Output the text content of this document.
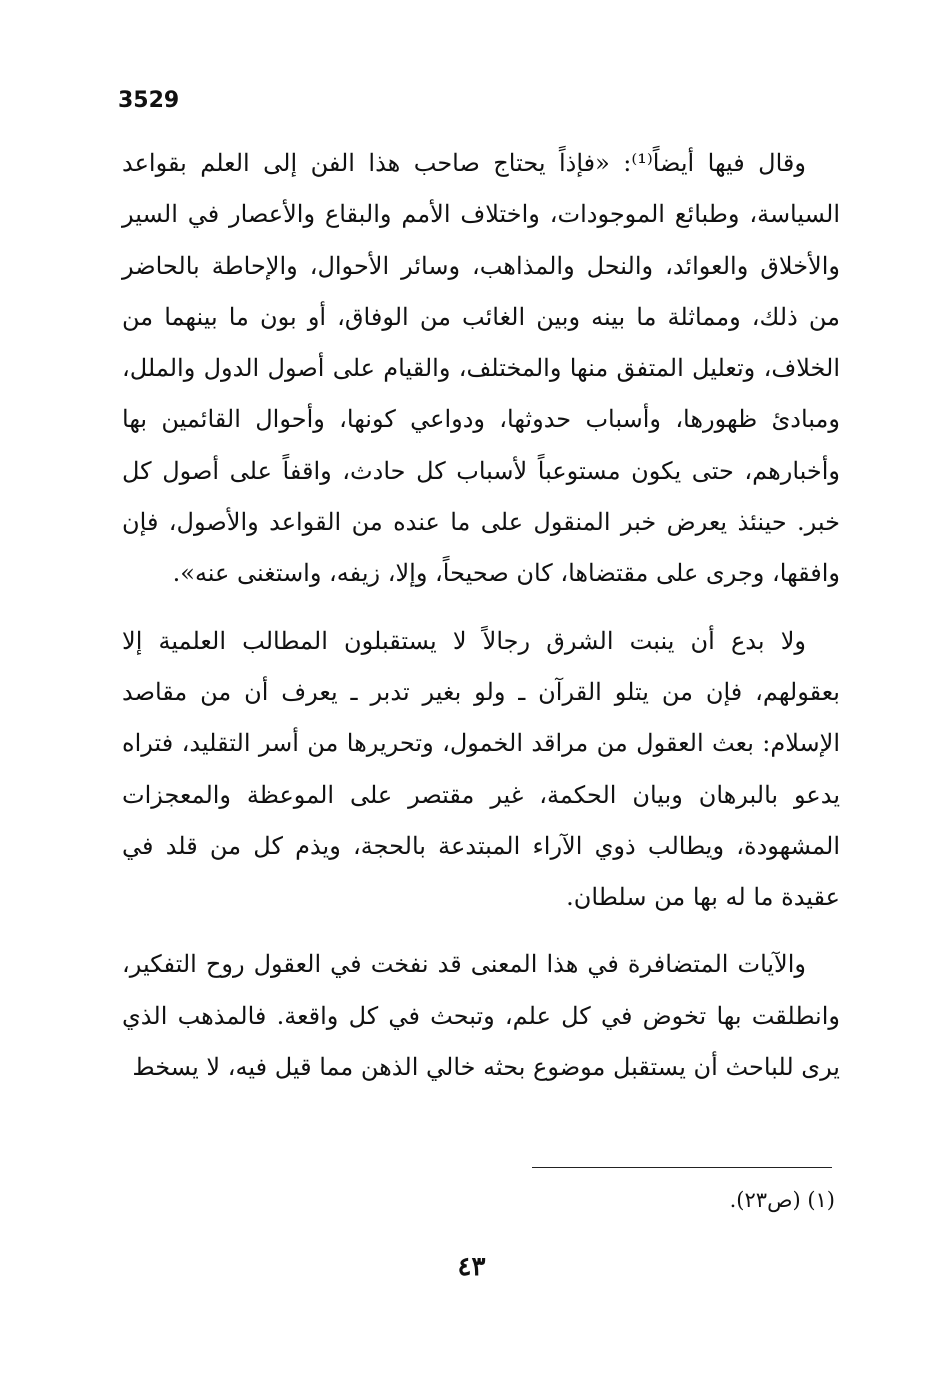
3529

وقال فيها أيضاً⁽¹⁾: «فإذاً يحتاج صاحب هذا الفن إلى العلم بقواعد السياسة، وطبائع الموجودات، واختلاف الأمم والبقاع والأعصار في السير والأخلاق والعوائد، والنحل والمذاهب، وسائر الأحوال، والإحاطة بالحاضر من ذلك، ومماثلة ما بينه وبين الغائب من الوفاق، أو بون ما بينهما من الخلاف، وتعليل المتفق منها والمختلف، والقيام على أصول الدول والملل، ومبادئ ظهورها، وأسباب حدوثها، ودواعي كونها، وأحوال القائمين بها وأخبارهم، حتى يكون مستوعباً لأسباب كل حادث، واقفاً على أصول كل خبر. حينئذ يعرض خبر المنقول على ما عنده من القواعد والأصول، فإن وافقها، وجرى على مقتضاها، كان صحيحاً، وإلا، زيفه، واستغنى عنه».

ولا بدع أن ينبت الشرق رجالاً لا يستقبلون المطالب العلمية إلا بعقولهم، فإن من يتلو القرآن ـ ولو بغير تدبر ـ يعرف أن من مقاصد الإسلام: بعث العقول من مراقد الخمول، وتحريرها من أسر التقليد، فتراه يدعو بالبرهان وبيان الحكمة، غير مقتصر على الموعظة والمعجزات المشهودة، ويطالب ذوي الآراء المبتدعة بالحجة، ويذم كل من قلد في عقيدة ما له بها من سلطان.

والآيات المتضافرة في هذا المعنى قد نفخت في العقول روح التفكير، وانطلقت بها تخوض في كل علم، وتبحث في كل واقعة. فالمذهب الذي يرى للباحث أن يستقبل موضوع بحثه خالي الذهن مما قيل فيه، لا يسخط

(١) (ص٢٣).
٤٣
